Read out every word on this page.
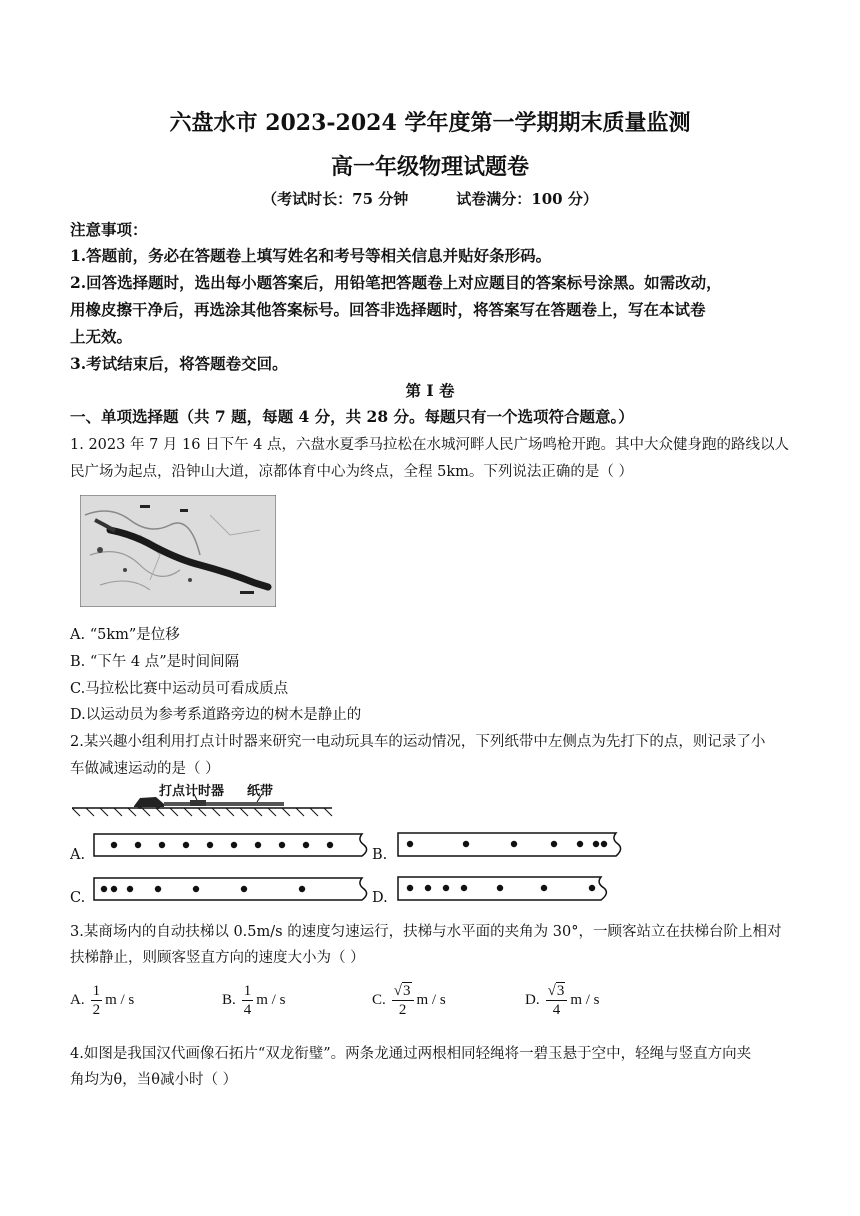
六盘水市 2023-2024 学年度第一学期期末质量监测
高一年级物理试题卷
（考试时长：75 分钟	试卷满分：100 分）
注意事项：
1.答题前，务必在答题卷上填写姓名和考号等相关信息并贴好条形码。
2.回答选择题时，选出每小题答案后，用铅笔把答题卷上对应题目的答案标号涂黑。如需改动，
用橡皮擦干净后，再选涂其他答案标号。回答非选择题时，将答案写在答题卷上，写在本试卷
上无效。
3.考试结束后，将答题卷交回。
第 I 卷
一、单项选择题（共 7 题，每题 4 分，共 28 分。每题只有一个选项符合题意。）
1. 2023 年 7 月 16 日下午 4 点，六盘水夏季马拉松在水城河畔人民广场鸣枪开跑。其中大众健身跑的路线以人
民广场为起点，沿钟山大道，凉都体育中心为终点，全程 5km。下列说法正确的是（ ）
A. “5km”是位移
B. “下午 4 点”是时间间隔
C.马拉松比赛中运动员可看成质点
D.以运动员为参考系道路旁边的树木是静止的
2.某兴趣小组利用打点计时器来研究一电动玩具车的运动情况，下列纸带中左侧点为先打下的点，则记录了小
车做减速运动的是（ ）
打点计时器 纸带
A.	B.
C.	D.
3.某商场内的自动扶梯以 0.5m/s 的速度匀速运行，扶梯与水平面的夹角为 30°，一顾客站立在扶梯台阶上相对
扶梯静止，则顾客竖直方向的速度大小为（ ）
A. $\frac{1}{2}$ m / s	B. $\frac{1}{4}$ m / s	C. $\frac{√ 3}{2}$ m / s	D. $\frac{√ 3}{4}$ m / s
4.如图是我国汉代画像石拓片“双龙衔璧”。两条龙通过两根相同轻绳将一碧玉悬于空中，轻绳与竖直方向夹
角均为θ，当θ减小时（ ）
